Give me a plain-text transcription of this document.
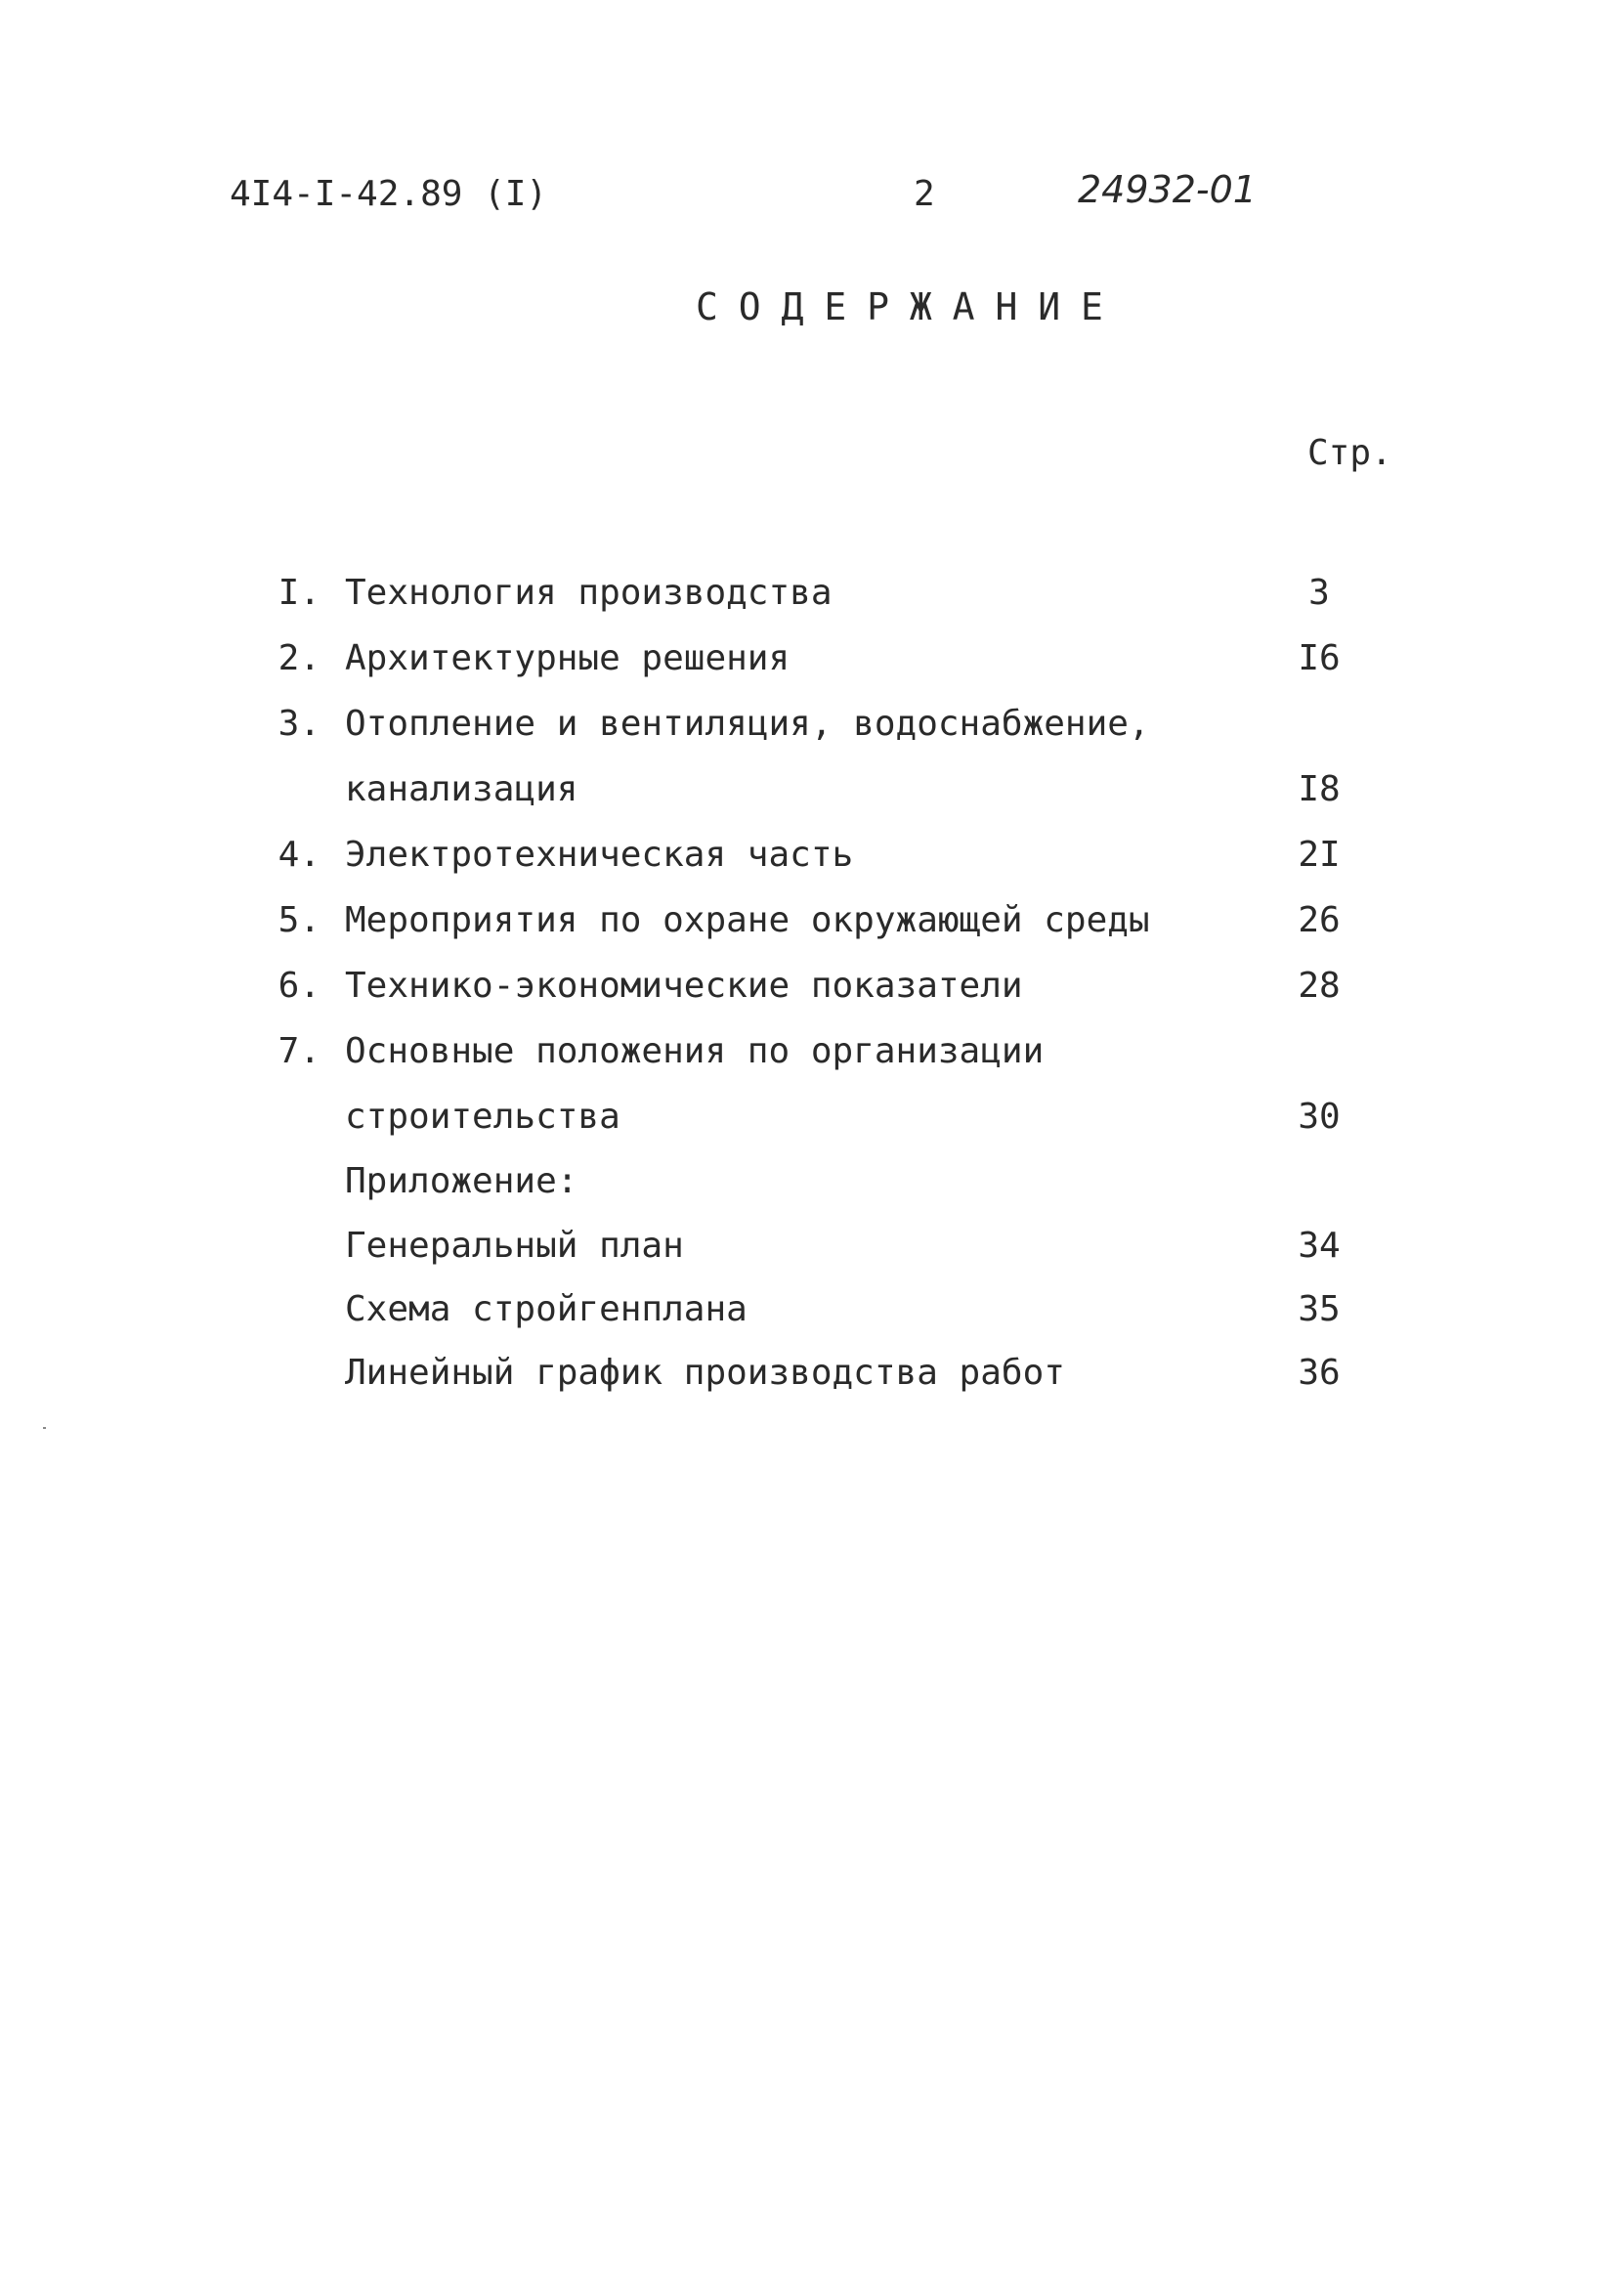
4I4-I-42.89 (I)	2	24932-01
СОДЕРЖАНИЕ
Стр.
I. Технология производства	3
2. Архитектурные решения	I6
3. Отопление и вентиляция, водоснабжение,
канализация	I8
4. Электротехническая часть	2I
5. Мероприятия по охране окружающей среды	26
6. Технико-экономические показатели	28
7. Основные положения по организации
строительства	30
Приложение:
Генеральный план	34
Схема стройгенплана	35
Линейный график производства работ	36
